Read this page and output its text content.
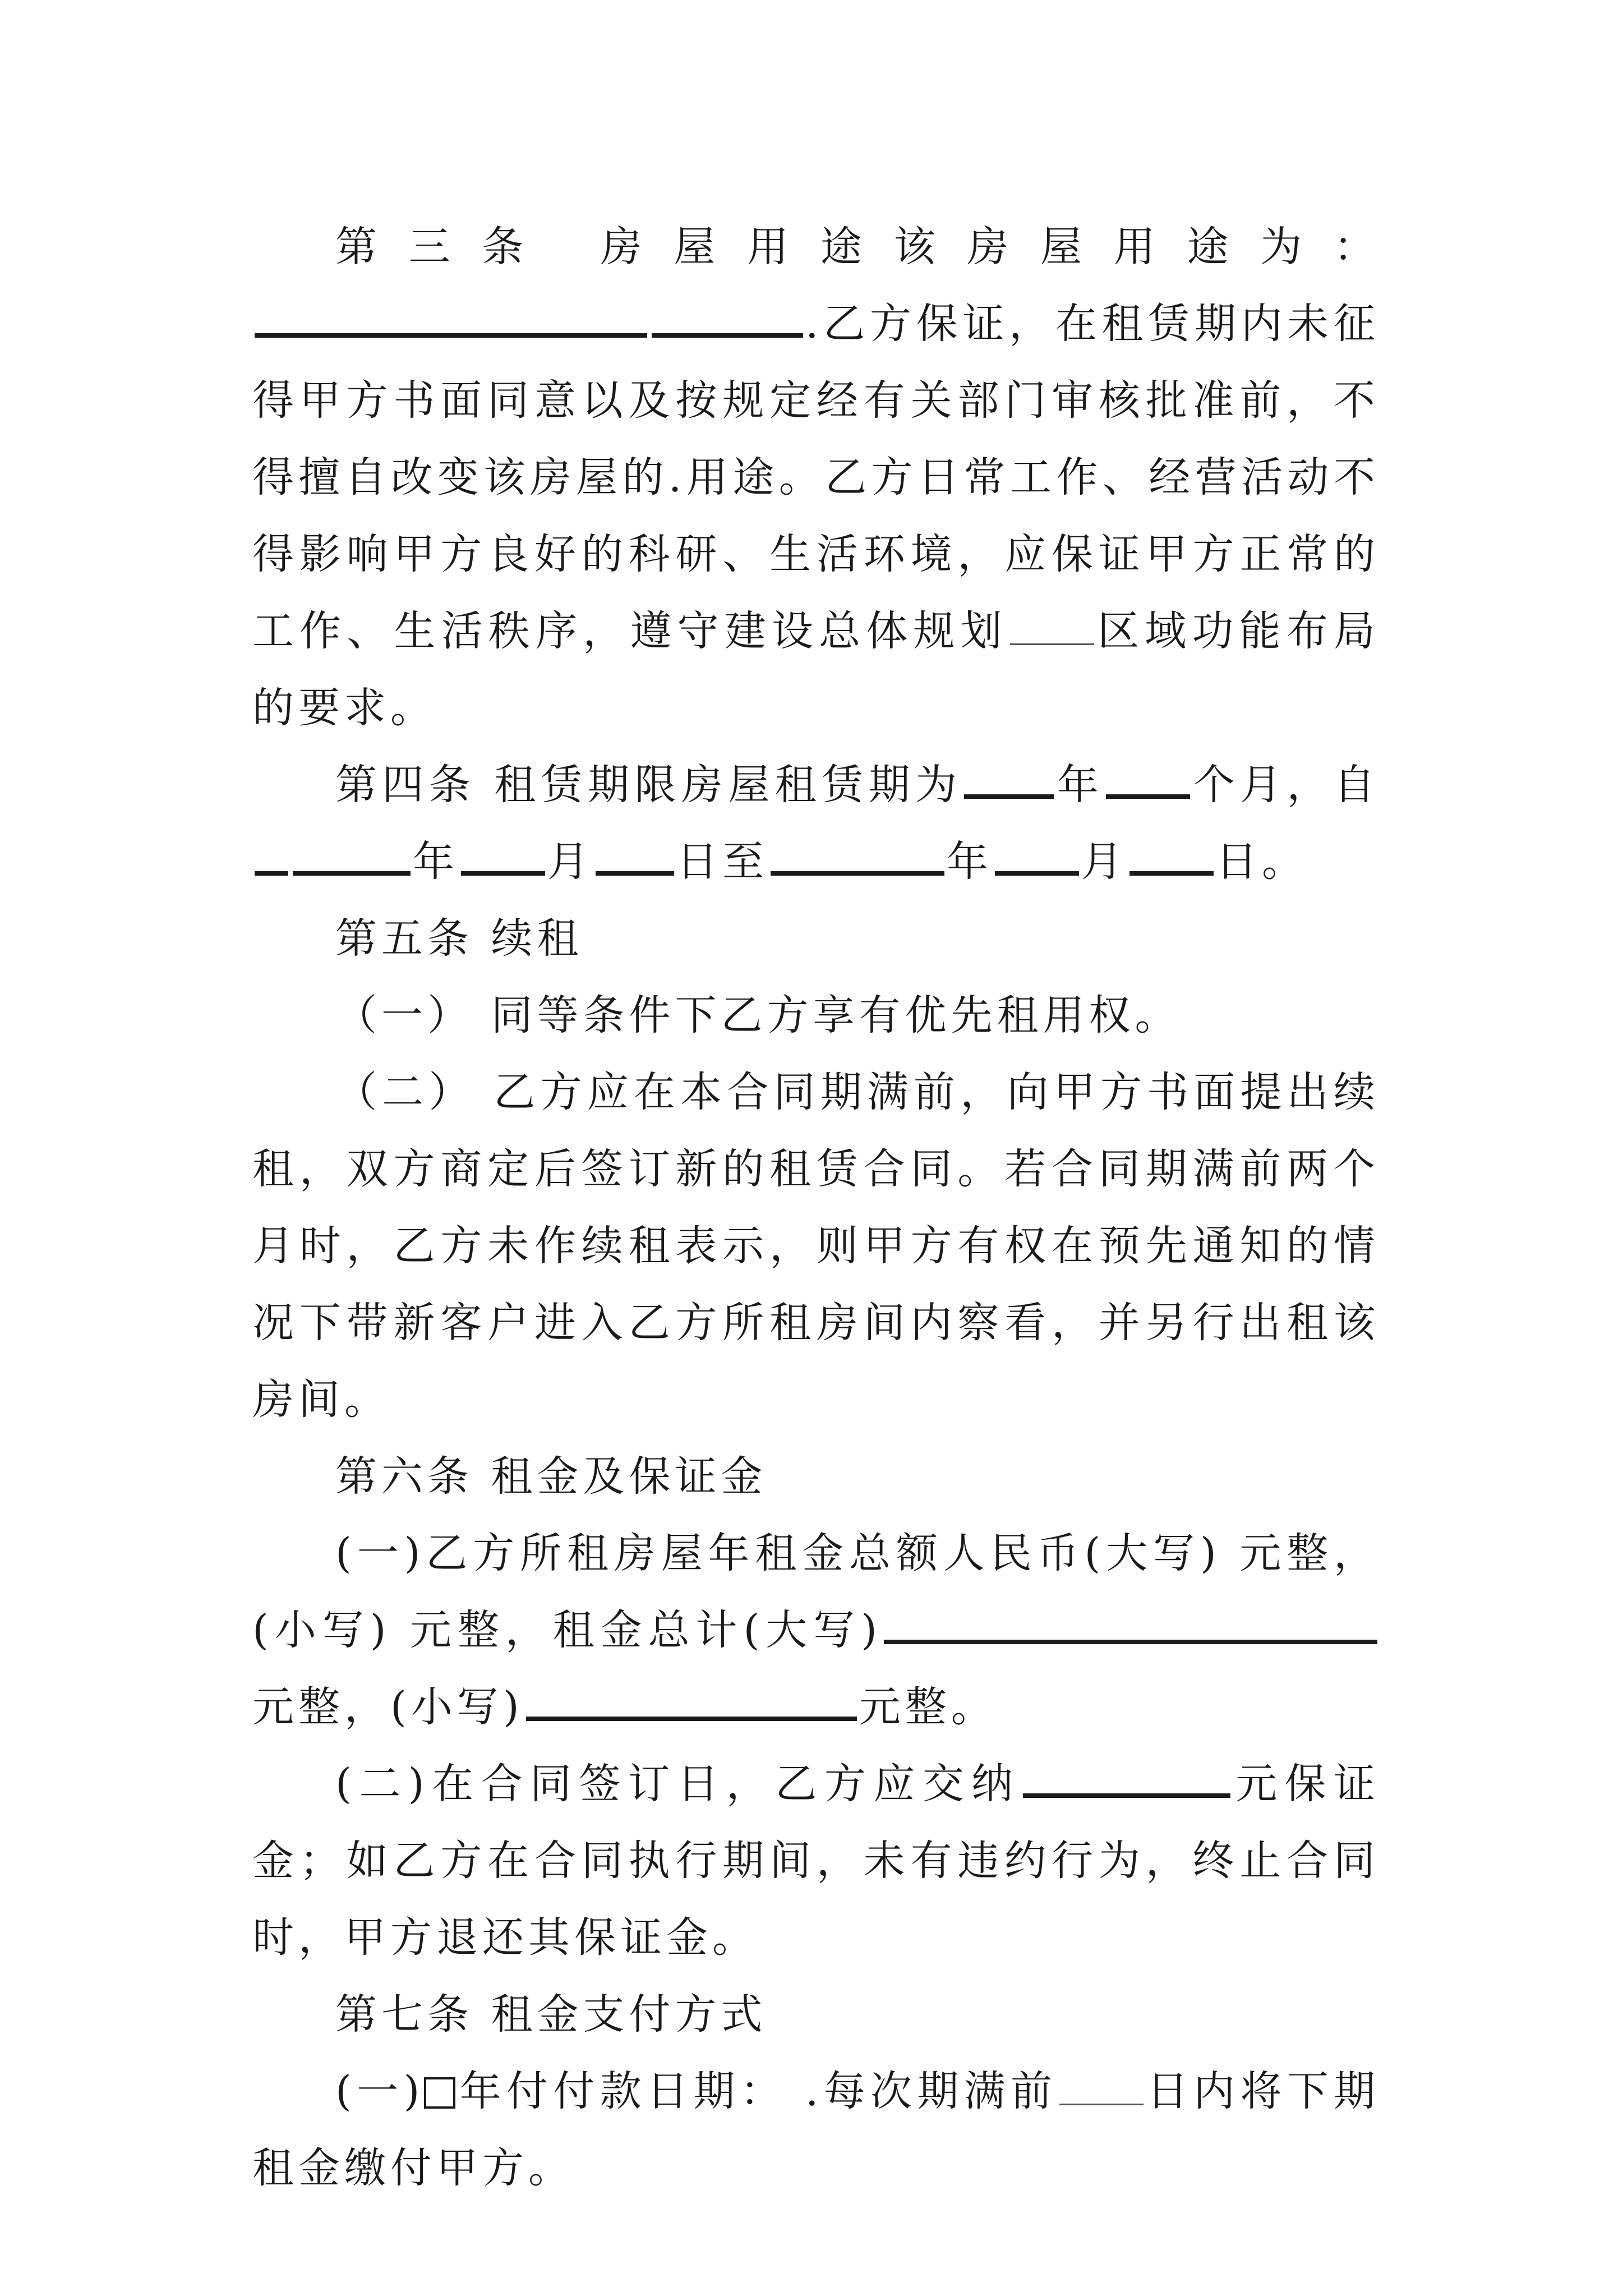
第三条 房屋用途该房屋用途为：.乙方保证，在租赁期内未征得甲方书面同意以及按规定经有关部门审核批准前，不得擅自改变该房屋的.用途。乙方日常工作、经营活动不得影响甲方良好的科研、生活环境，应保证甲方正常的工作、生活秩序，遵守建设总体规划 区域功能布局的要求。

第四条 租赁期限房屋租赁期为 年 个月，自年 月 日至	年 月 日。

第五条 续租

（一） 同等条件下乙方享有优先租用权。

（二） 乙方应在本合同期满前，向甲方书面提出续租，双方商定后签订新的租赁合同。若合同期满前两个月时，乙方未作续租表示，则甲方有权在预先通知的情况下带新客户进入乙方所租房间内察看，并另行出租该房间。

第六条 租金及保证金

(一)乙方所租房屋年租金总额人民币(大写) 元整，(小写) 元整，租金总计(大写)元整，(小写)	元整。

(二)在合同签订日，乙方应交纳	元保证金；如乙方在合同执行期间，未有违约行为，终止合同时，甲方退还其保证金。

第七条 租金支付方式

(一) 年付付款日期： .每次期满前 日内将下期租金缴付甲方。
